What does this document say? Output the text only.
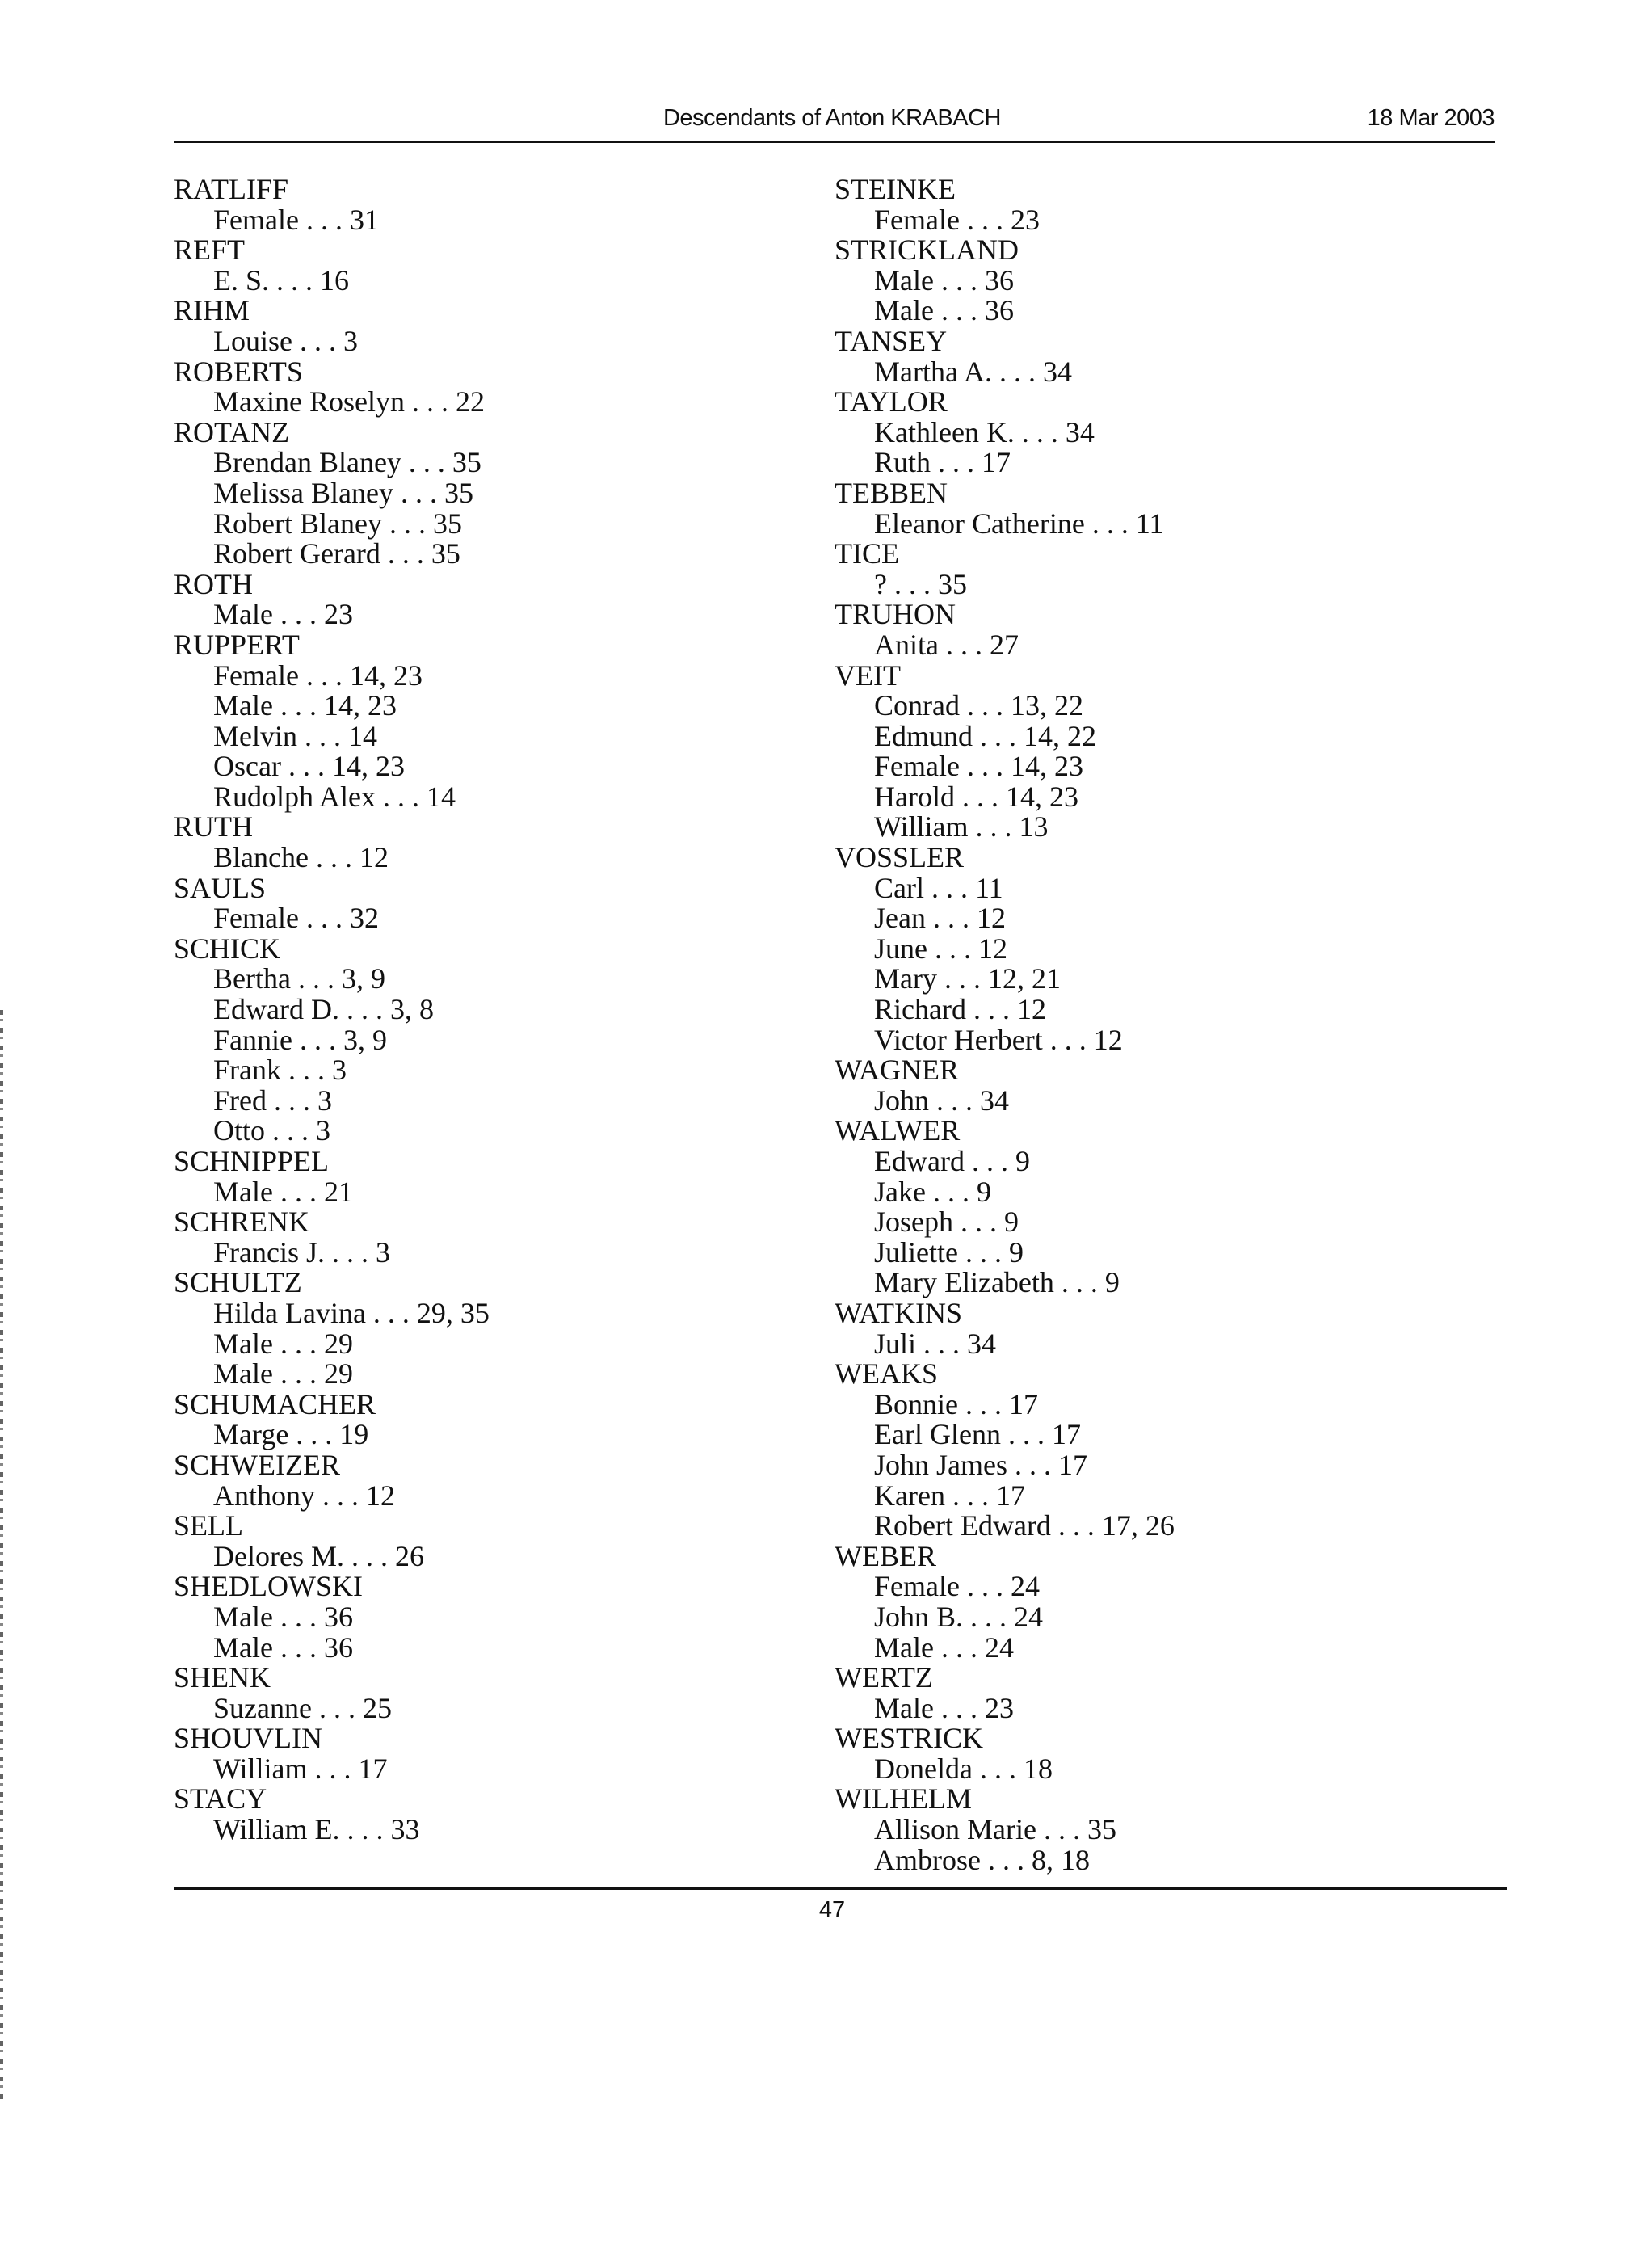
Descendants of Anton KRABACH	18 Mar 2003
RATLIFF
Female . . . 31
REFT
E. S. . . . 16
RIHM
Louise . . . 3
ROBERTS
Maxine Roselyn . . . 22
ROTANZ
Brendan Blaney . . . 35
Melissa Blaney . . . 35
Robert Blaney . . . 35
Robert Gerard . . . 35
ROTH
Male . . . 23
RUPPERT
Female . . . 14, 23
Male . . . 14, 23
Melvin . . . 14
Oscar . . . 14, 23
Rudolph Alex . . . 14
RUTH
Blanche . . . 12
SAULS
Female . . . 32
SCHICK
Bertha . . . 3, 9
Edward D. . . . 3, 8
Fannie . . . 3, 9
Frank . . . 3
Fred . . . 3
Otto . . . 3
SCHNIPPEL
Male . . . 21
SCHRENK
Francis J. . . . 3
SCHULTZ
Hilda Lavina . . . 29, 35
Male . . . 29
Male . . . 29
SCHUMACHER
Marge . . . 19
SCHWEIZER
Anthony . . . 12
SELL
Delores M. . . . 26
SHEDLOWSKI
Male . . . 36
Male . . . 36
SHENK
Suzanne . . . 25
SHOUVLIN
William . . . 17
STACY
William E. . . . 33
STEINKE
Female . . . 23
STRICKLAND
Male . . . 36
Male . . . 36
TANSEY
Martha A. . . . 34
TAYLOR
Kathleen K. . . . 34
Ruth . . . 17
TEBBEN
Eleanor Catherine . . . 11
TICE
? . . . 35
TRUHON
Anita . . . 27
VEIT
Conrad . . . 13, 22
Edmund . . . 14, 22
Female . . . 14, 23
Harold . . . 14, 23
William . . . 13
VOSSLER
Carl . . . 11
Jean . . . 12
June . . . 12
Mary . . . 12, 21
Richard . . . 12
Victor Herbert . . . 12
WAGNER
John . . . 34
WALWER
Edward . . . 9
Jake . . . 9
Joseph . . . 9
Juliette . . . 9
Mary Elizabeth . . . 9
WATKINS
Juli . . . 34
WEAKS
Bonnie . . . 17
Earl Glenn . . . 17
John James . . . 17
Karen . . . 17
Robert Edward . . . 17, 26
WEBER
Female . . . 24
John B. . . . 24
Male . . . 24
WERTZ
Male . . . 23
WESTRICK
Donelda . . . 18
WILHELM
Allison Marie . . . 35
Ambrose . . . 8, 18
47
